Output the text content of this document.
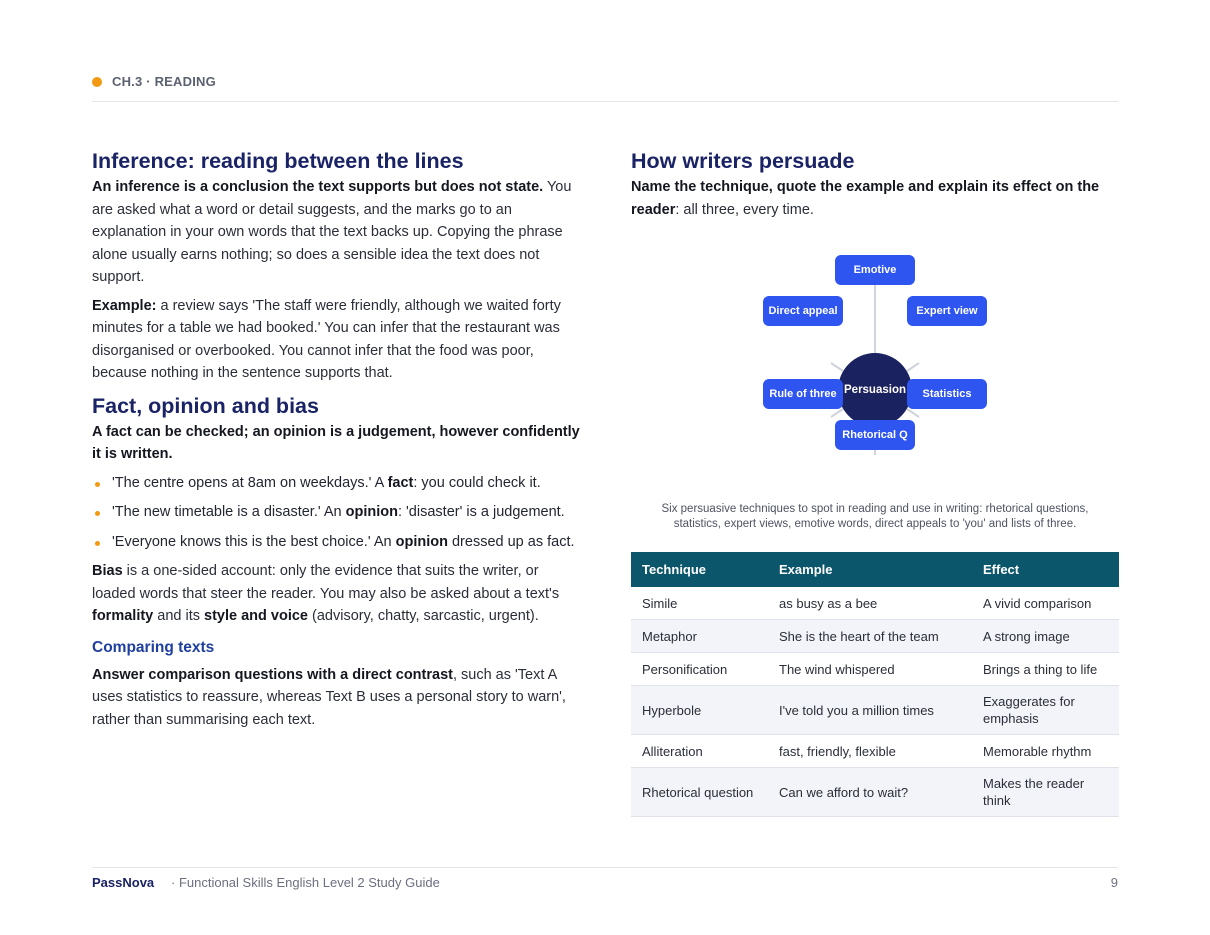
CH.3 · READING
Inference: reading between the lines

An inference is a conclusion the text supports but does not state. You are asked what a word or detail suggests, and the marks go to an explanation in your own words that the text backs up. Copying the phrase alone usually earns nothing; so does a sensible idea the text does not support.

Example: a review says 'The staff were friendly, although we waited forty minutes for a table we had booked.' You can infer that the restaurant was disorganised or overbooked. You cannot infer that the food was poor, because nothing in the sentence supports that.

Fact, opinion and bias

A fact can be checked; an opinion is a judgement, however confidently it is written.

'The centre opens at 8am on weekdays.' A fact: you could check it.
'The new timetable is a disaster.' An opinion: 'disaster' is a judgement.
'Everyone knows this is the best choice.' An opinion dressed up as fact.

Bias is a one-sided account: only the evidence that suits the writer, or loaded words that steer the reader. You may also be asked about a text's formality and its style and voice (advisory, chatty, sarcastic, urgent).

Comparing texts

Answer comparison questions with a direct contrast, such as 'Text A uses statistics to reassure, whereas Text B uses a personal story to warn', rather than summarising each text.

How writers persuade

Name the technique, quote the example and explain its effect on the reader: all three, every time.

Persuasion
Emotive
Expert view
Statistics
Rhetorical Q
Rule of three
Direct appeal
Six persuasive techniques to spot in reading and use in writing: rhetorical questions, statistics, expert views, emotive words, direct appeals to 'you' and lists of three.
Technique	Example	Effect
Simile	as busy as a bee	A vivid comparison
Metaphor	She is the heart of the team	A strong image
Personification	The wind whispered	Brings a thing to life
Hyperbole	I've told you a million times	Exaggerates for emphasis
Alliteration	fast, friendly, flexible	Memorable rhythm
Rhetorical question	Can we afford to wait?	Makes the reader think
PassNova · Functional Skills English Level 2 Study Guide	9
